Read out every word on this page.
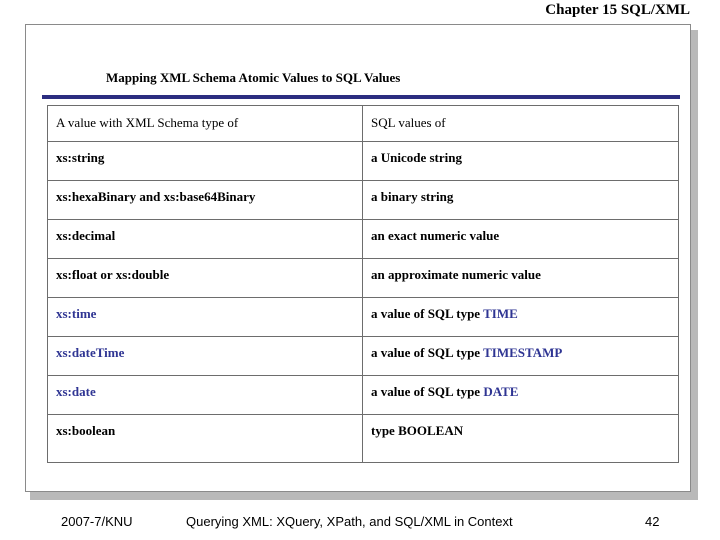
Chapter 15 SQL/XML
Mapping XML Schema Atomic Values to SQL Values
A value with XML Schema type of	SQL values of
xs:string	a Unicode string
xs:hexaBinary and xs:base64Binary	a binary string
xs:decimal	an exact numeric value
xs:float or xs:double	an approximate numeric value
xs:time	a value of SQL type TIME
xs:dateTime	a value of SQL type TIMESTAMP
xs:date	a value of SQL type DATE
xs:boolean	type BOOLEAN
2007-7/KNU	Querying XML: XQuery, XPath, and SQL/XML in Context	42
